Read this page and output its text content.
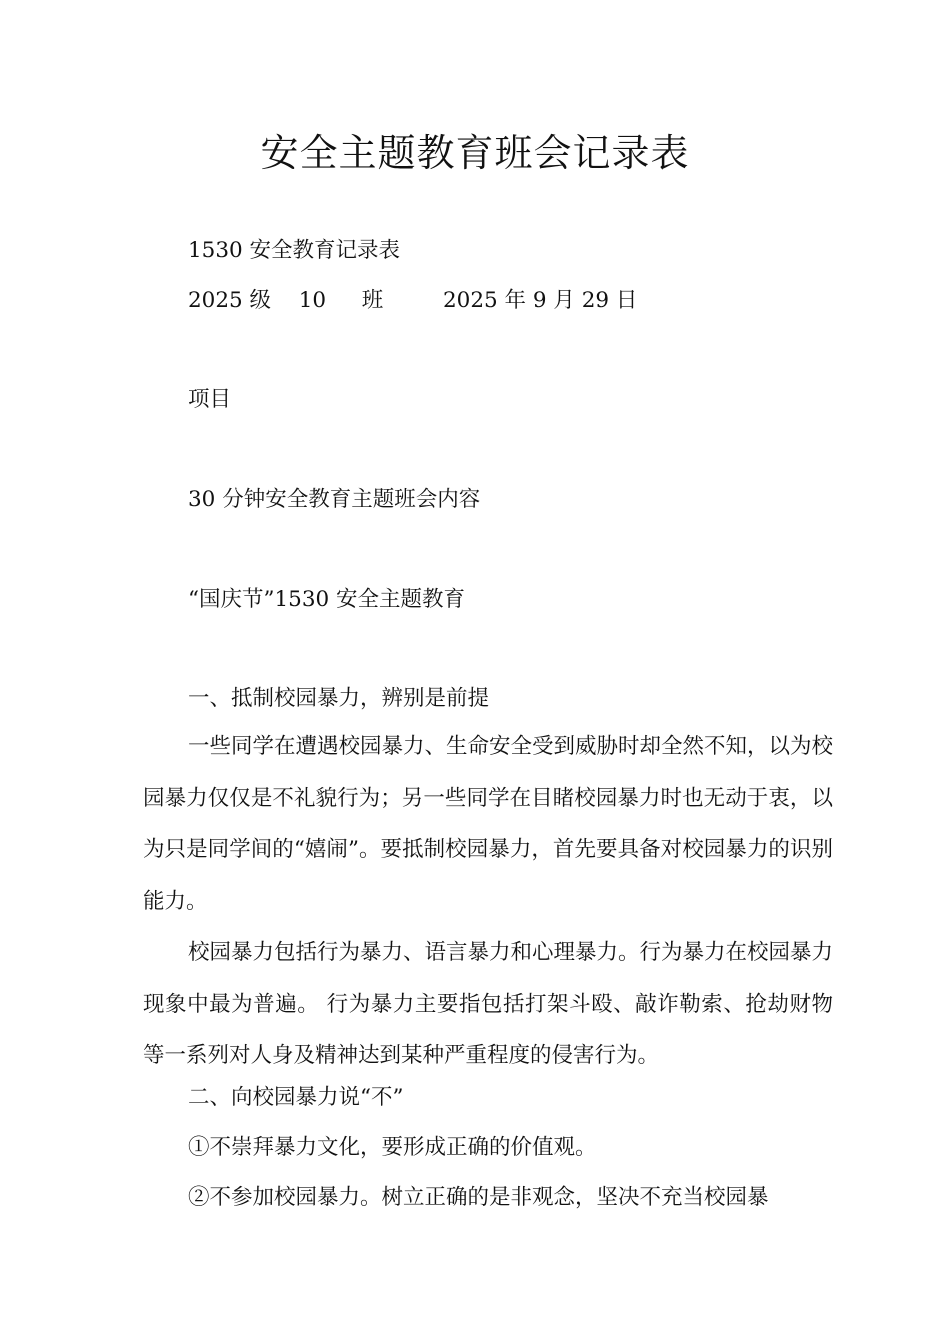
安全主题教育班会记录表
1530 安全教育记录表
2025 级 10 班	2025 年 9 月 29 日
项目
30 分钟安全教育主题班会内容
“国庆节”1530 安全主题教育
一、抵制校园暴力，辨别是前提

一些同学在遭遇校园暴力、生命安全受到威胁时却全然不知，以为校园暴力仅仅是不礼貌行为；另一些同学在目睹校园暴力时也无动于衷，以为只是同学间的“嬉闹”。要抵制校园暴力，首先要具备对校园暴力的识别能力。

校园暴力包括行为暴力、语言暴力和心理暴力。行为暴力在校园暴力现象中最为普遍。 行为暴力主要指包括打架斗殴、敲诈勒索、抢劫财物等一系列对人身及精神达到某种严重程度的侵害行为。

二、向校园暴力说“不”
①不崇拜暴力文化，要形成正确的价值观。
②不参加校园暴力。树立正确的是非观念，坚决不充当校园暴
